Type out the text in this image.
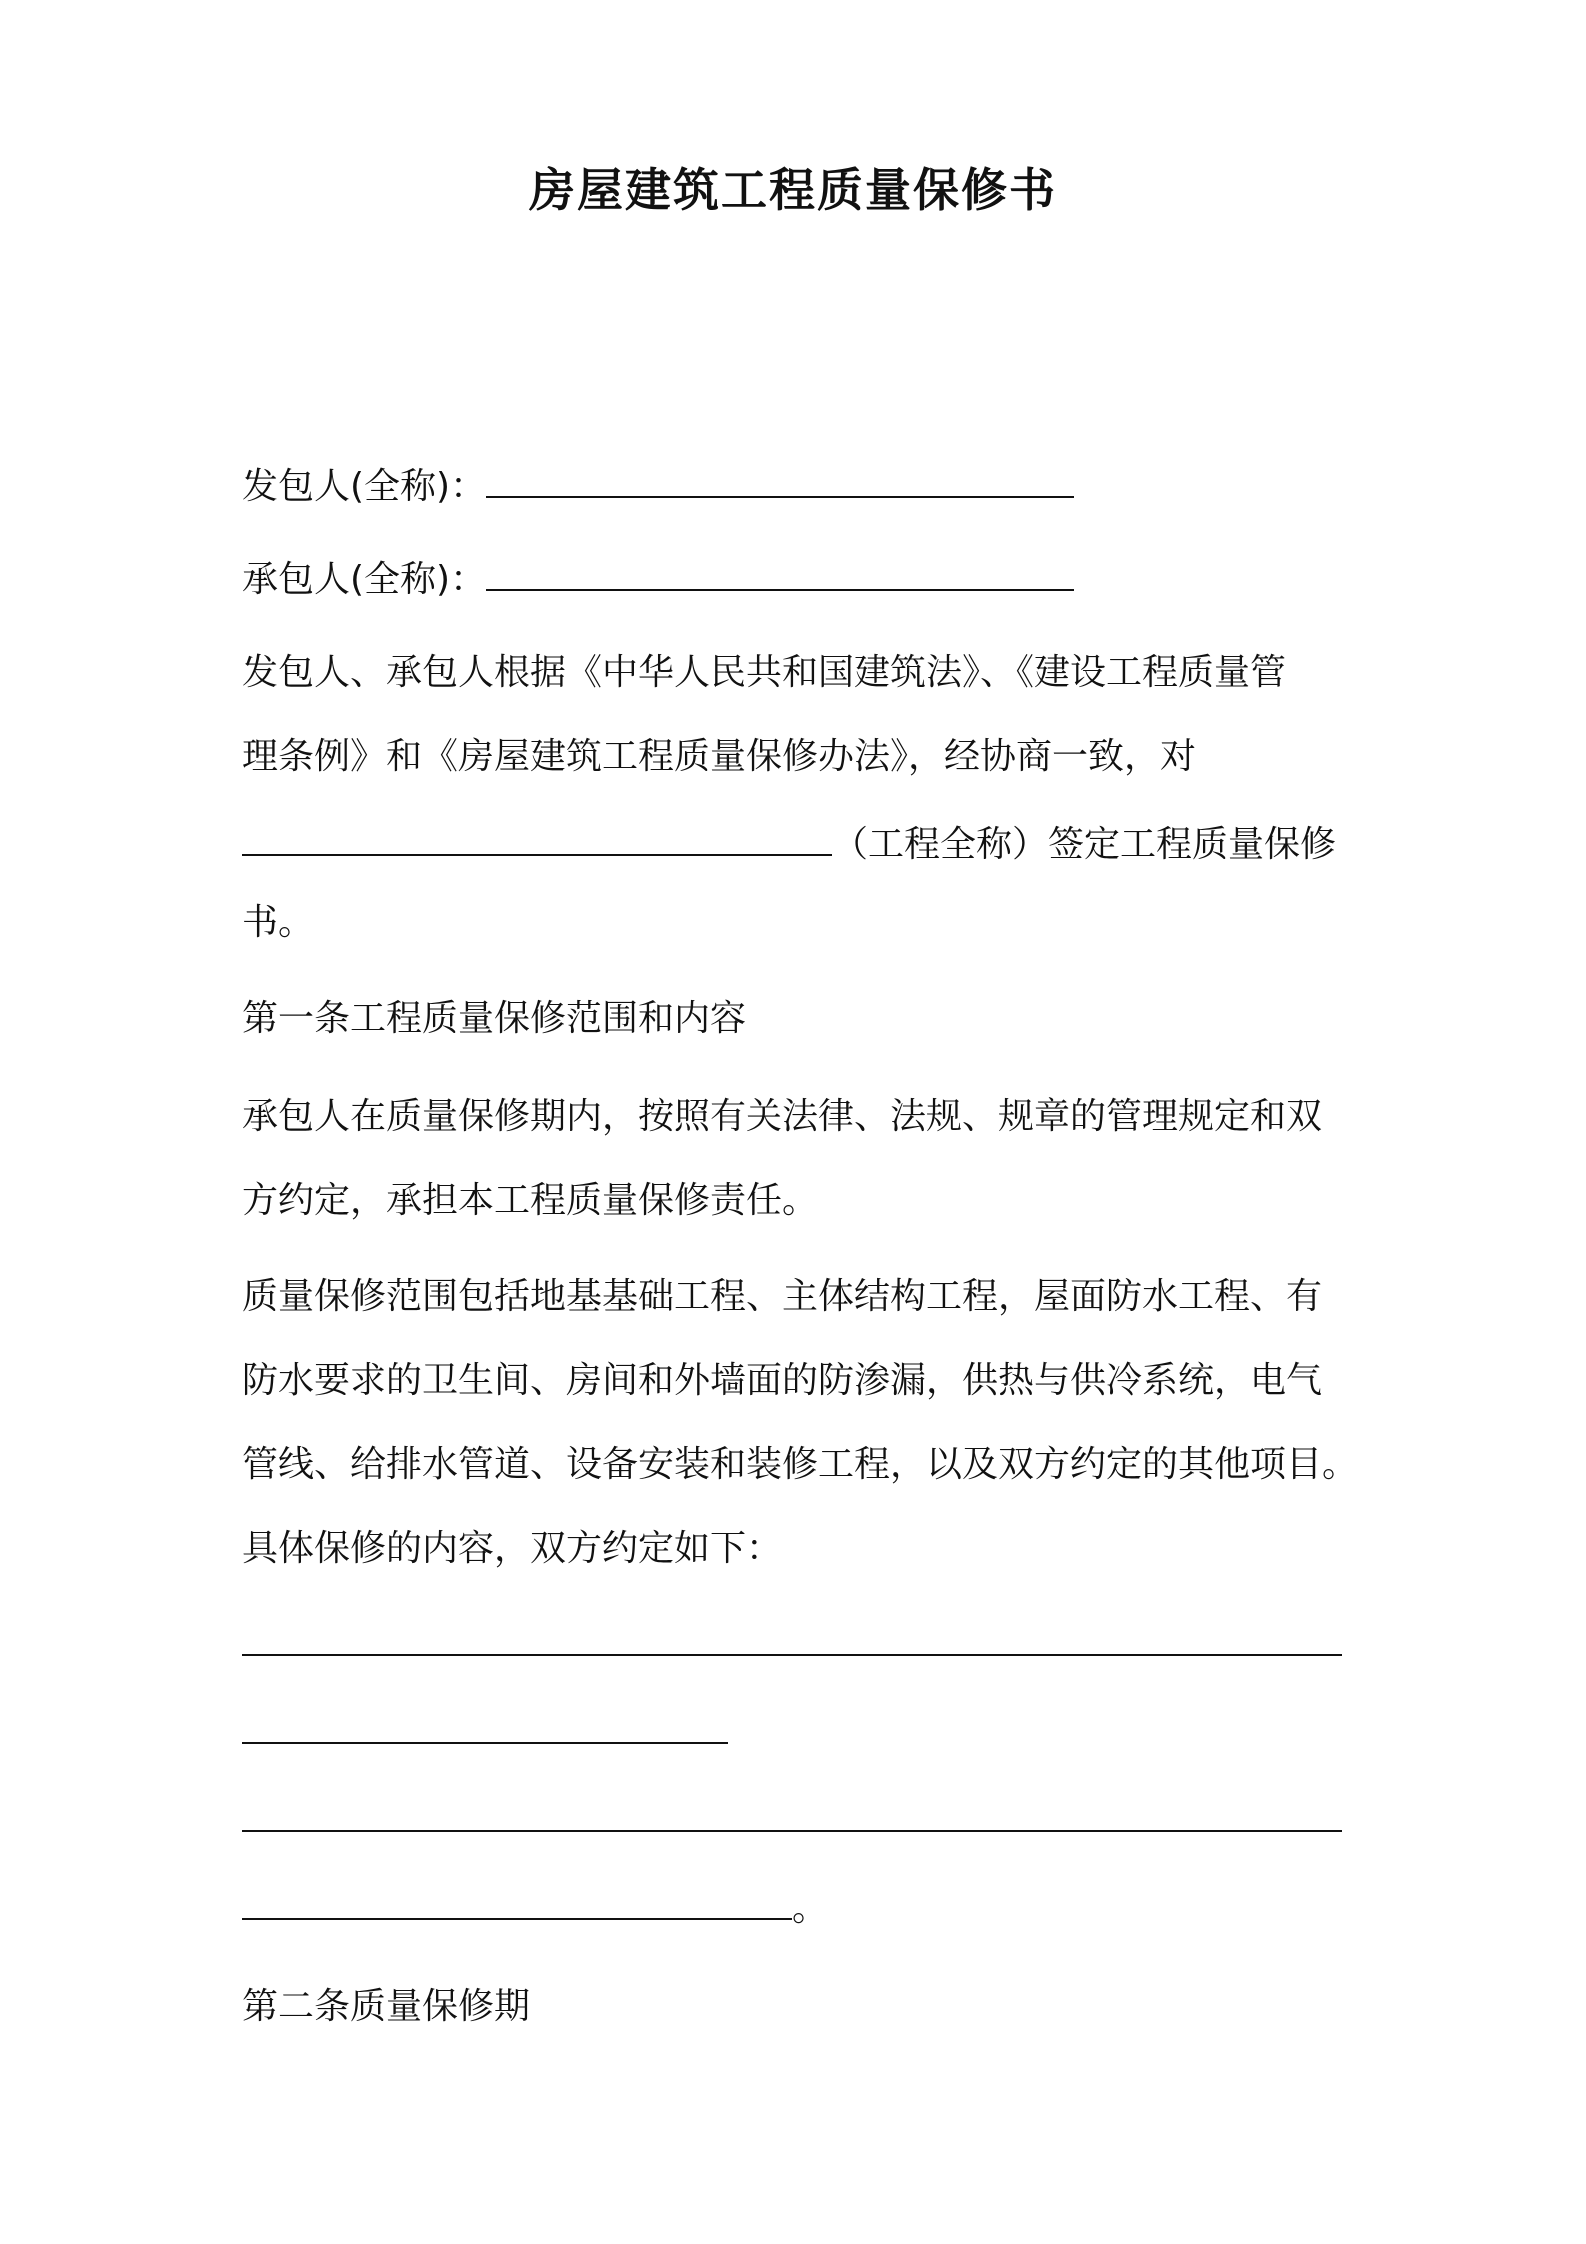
房屋建筑工程质量保修书
发包人(全称)：
承包人(全称)：
发包人、承包人根据《中华人民共和国建筑法》、《建设工程质量管
理条例》和《房屋建筑工程质量保修办法》，经协商一致，对
（工程全称）签定工程质量保修
书。
第一条工程质量保修范围和内容
承包人在质量保修期内，按照有关法律、法规、规章的管理规定和双
方约定，承担本工程质量保修责任。
质量保修范围包括地基基础工程、主体结构工程，屋面防水工程、有
防水要求的卫生间、房间和外墙面的防渗漏，供热与供冷系统，电气
管线、给排水管道、设备安装和装修工程，以及双方约定的其他项目。
具体保修的内容，双方约定如下：
。
第二条质量保修期
